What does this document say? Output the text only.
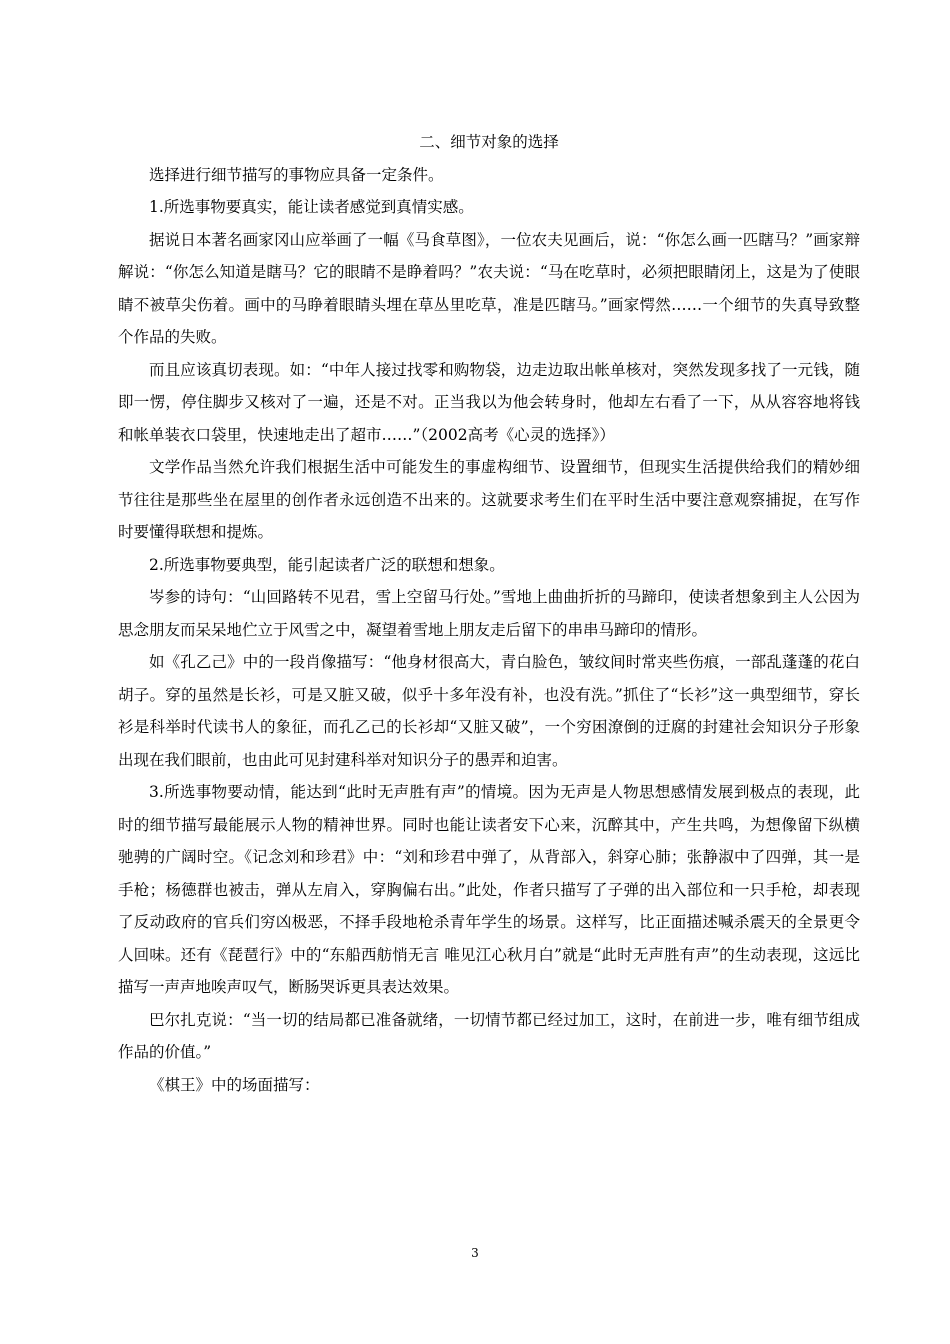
二、细节对象的选择

选择进行细节描写的事物应具备一定条件。

1.所选事物要真实，能让读者感觉到真情实感。

据说日本著名画家冈山应举画了一幅《马食草图》，一位农夫见画后，说：“你怎么画一匹瞎马？”画家辩解说：“你怎么知道是瞎马？它的眼睛不是睁着吗？”农夫说：“马在吃草时，必须把眼睛闭上，这是为了使眼睛不被草尖伤着。画中的马睁着眼睛头埋在草丛里吃草，准是匹瞎马。”画家愕然……一个细节的失真导致整个作品的失败。

而且应该真切表现。如：“中年人接过找零和购物袋，边走边取出帐单核对，突然发现多找了一元钱，随即一愣，停住脚步又核对了一遍，还是不对。正当我以为他会转身时，他却左右看了一下，从从容容地将钱和帐单装衣口袋里，快速地走出了超市……”（2002高考《心灵的选择》）

文学作品当然允许我们根据生活中可能发生的事虚构细节、设置细节，但现实生活提供给我们的精妙细节往往是那些坐在屋里的创作者永远创造不出来的。这就要求考生们在平时生活中要注意观察捕捉，在写作时要懂得联想和提炼。

2.所选事物要典型，能引起读者广泛的联想和想象。

岑参的诗句：“山回路转不见君，雪上空留马行处。”雪地上曲曲折折的马蹄印，使读者想象到主人公因为思念朋友而呆呆地伫立于风雪之中，凝望着雪地上朋友走后留下的串串马蹄印的情形。

如《孔乙己》中的一段肖像描写：“他身材很高大，青白脸色，皱纹间时常夹些伤痕，一部乱蓬蓬的花白胡子。穿的虽然是长衫，可是又脏又破，似乎十多年没有补，也没有洗。”抓住了“长衫”这一典型细节，穿长衫是科举时代读书人的象征，而孔乙己的长衫却“又脏又破”，一个穷困潦倒的迂腐的封建社会知识分子形象出现在我们眼前，也由此可见封建科举对知识分子的愚弄和迫害。

3.所选事物要动情，能达到“此时无声胜有声”的情境。因为无声是人物思想感情发展到极点的表现，此时的细节描写最能展示人物的精神世界。同时也能让读者安下心来，沉醉其中，产生共鸣，为想像留下纵横驰骋的广阔时空。《记念刘和珍君》中：“刘和珍君中弹了，从背部入，斜穿心肺；张静淑中了四弹，其一是手枪；杨德群也被击，弹从左肩入，穿胸偏右出。”此处，作者只描写了子弹的出入部位和一只手枪，却表现了反动政府的官兵们穷凶极恶，不择手段地枪杀青年学生的场景。这样写，比正面描述喊杀震天的全景更令人回味。还有《琵琶行》中的“东船西舫悄无言 唯见江心秋月白”就是“此时无声胜有声”的生动表现，这远比描写一声声地唉声叹气，断肠哭诉更具表达效果。

巴尔扎克说：“当一切的结局都已准备就绪，一切情节都已经过加工，这时，在前进一步，唯有细节组成作品的价值。”

《棋王》中的场面描写：

3
